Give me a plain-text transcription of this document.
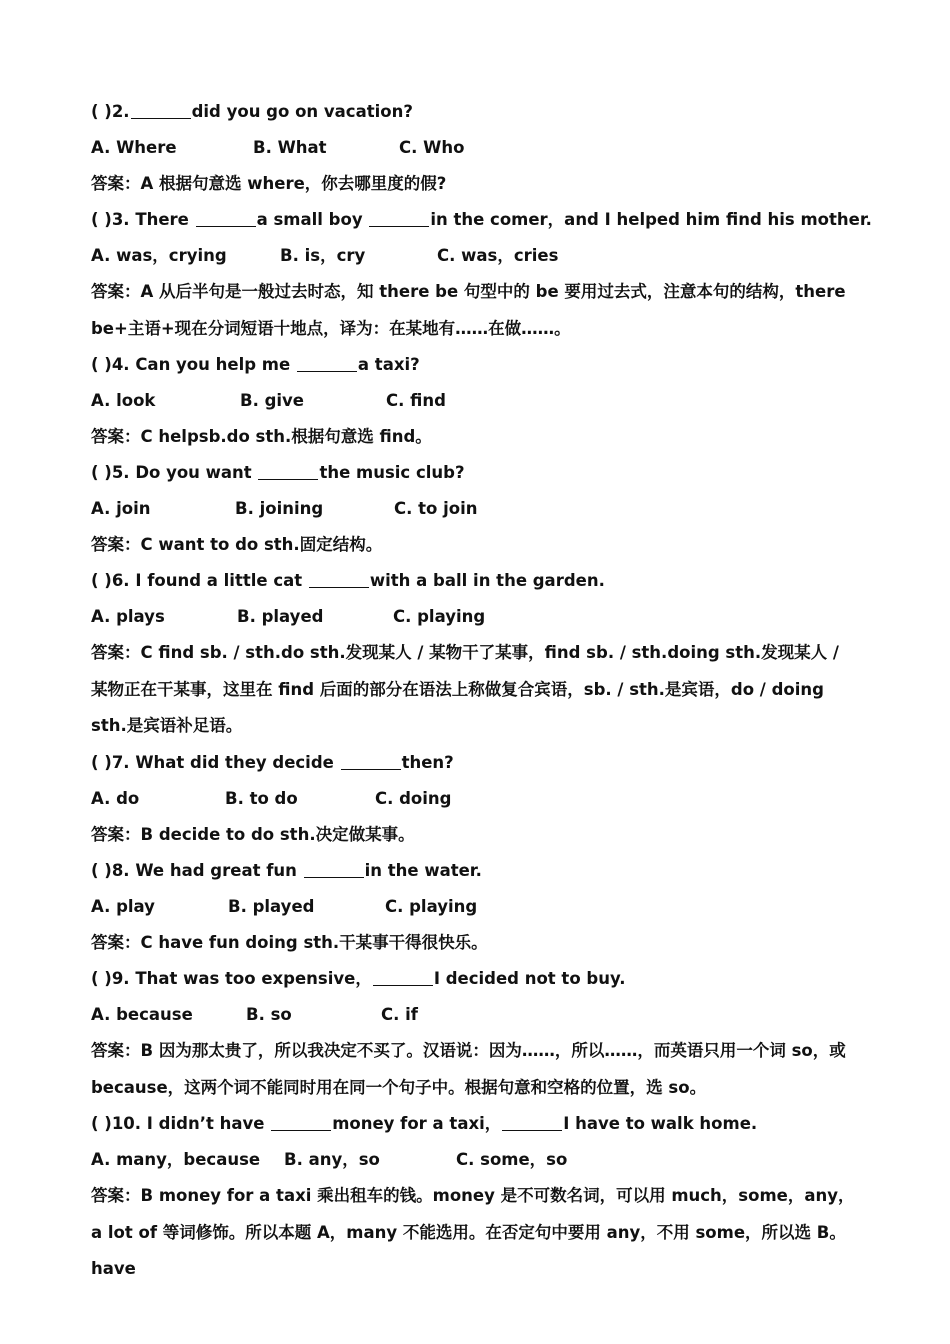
( )2.	did you go on vacation?
A. Where	B. What	C. Who
答案：A 根据句意选 where，你去哪里度的假?
( )3. There	a small boy	in the comer，and I helped him find his mother.
A. was，crying	B. is，cry	C. was，cries
答案：A 从后半句是一般过去时态，知 there be 句型中的 be 要用过去式，注意本句的结构，there be+主语+现在分词短语十地点，译为：在某地有……在做……。
( )4. Can you help me	a taxi?
A. look	B. give	C. find
答案：C helpsb.do sth.根据句意选 find。
( )5. Do you want	the music club?
A. join	B. joining	C. to join
答案：C want to do sth.固定结构。
( )6. I found a little cat	with a ball in the garden.
A. plays	B. played	C. playing
答案：C find sb. / sth.do sth.发现某人 / 某物干了某事，find sb. / sth.doing sth.发现某人 / 某物正在干某事，这里在 find 后面的部分在语法上称做复合宾语，sb. / sth.是宾语，do / doing sth.是宾语补足语。
( )7. What did they decide	then?
A. do	B. to do	C. doing
答案：B decide to do sth.决定做某事。
( )8. We had great fun	in the water.
A. play	B. played	C. playing
答案：C have fun doing sth.干某事干得很快乐。
( )9. That was too expensive，	I decided not to buy.
A. because	B. so	C. if
答案：B 因为那太贵了，所以我决定不买了。汉语说：因为……，所以……，而英语只用一个词 so，或 because，这两个词不能同时用在同一个句子中。根据句意和空格的位置，选 so。
( )10. I didn’t have	money for a taxi，	I have to walk home.
A. many，because	B. any，so	C. some，so
答案：B money for a taxi 乘出租车的钱。money 是不可数名词，可以用 much，some，any，a lot of 等词修饰。所以本题 A，many 不能选用。在否定句中要用 any，不用 some，所以选 B。have
